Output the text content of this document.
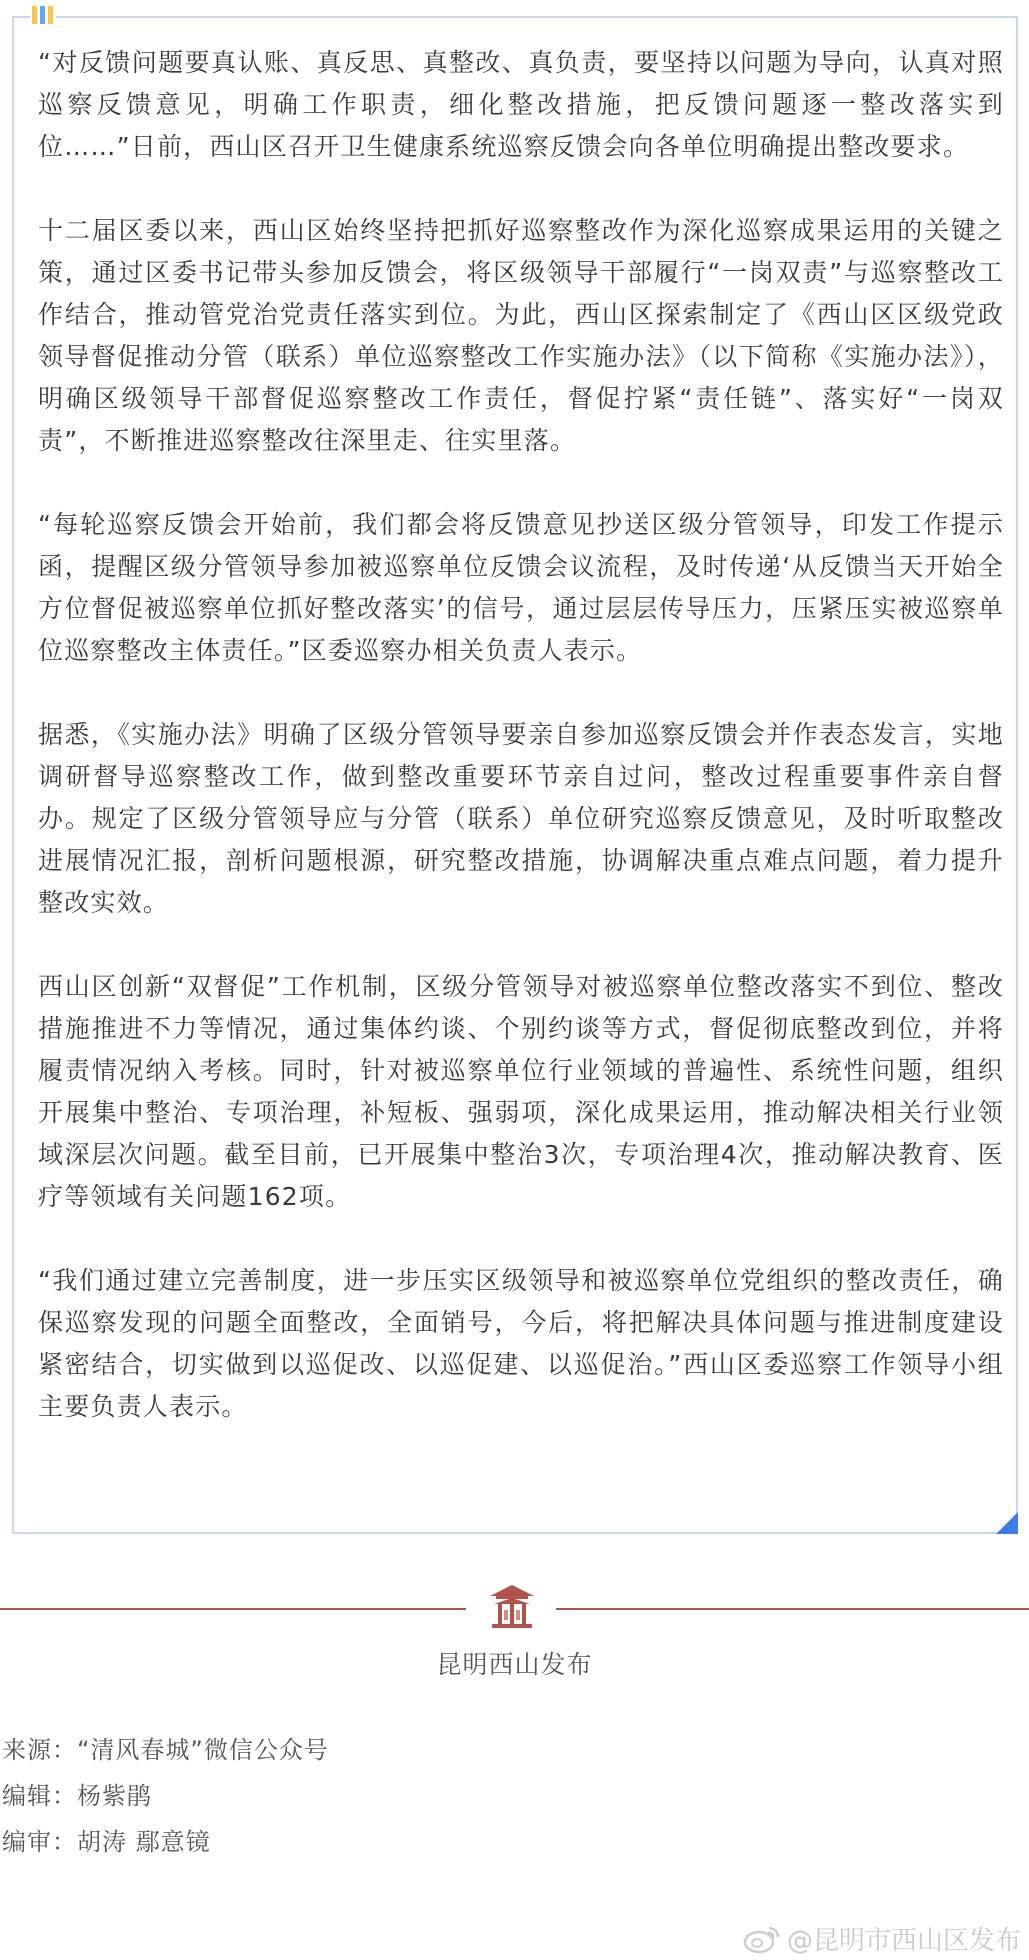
“对反馈问题要真认账、真反思、真整改、真负责，要坚持以问题为导向，认真对照巡察反馈意见，明确工作职责，细化整改措施，把反馈问题逐一整改落实到位……”日前，西山区召开卫生健康系统巡察反馈会向各单位明确提出整改要求。

十二届区委以来，西山区始终坚持把抓好巡察整改作为深化巡察成果运用的关键之策，通过区委书记带头参加反馈会，将区级领导干部履行“一岗双责”与巡察整改工作结合，推动管党治党责任落实到位。为此，西山区探索制定了《西山区区级党政领导督促推动分管（联系）单位巡察整改工作实施办法》（以下简称《实施办法》），明确区级领导干部督促巡察整改工作责任，督促拧紧“责任链”、落实好“一岗双责”，不断推进巡察整改往深里走、往实里落。

“每轮巡察反馈会开始前，我们都会将反馈意见抄送区级分管领导，印发工作提示函，提醒区级分管领导参加被巡察单位反馈会议流程，及时传递‘从反馈当天开始全方位督促被巡察单位抓好整改落实’的信号，通过层层传导压力，压紧压实被巡察单位巡察整改主体责任。”区委巡察办相关负责人表示。

据悉，《实施办法》明确了区级分管领导要亲自参加巡察反馈会并作表态发言，实地调研督导巡察整改工作，做到整改重要环节亲自过问，整改过程重要事件亲自督办。规定了区级分管领导应与分管（联系）单位研究巡察反馈意见，及时听取整改进展情况汇报，剖析问题根源，研究整改措施，协调解决重点难点问题，着力提升整改实效。

西山区创新“双督促”工作机制，区级分管领导对被巡察单位整改落实不到位、整改措施推进不力等情况，通过集体约谈、个别约谈等方式，督促彻底整改到位，并将履责情况纳入考核。同时，针对被巡察单位行业领域的普遍性、系统性问题，组织开展集中整治、专项治理，补短板、强弱项，深化成果运用，推动解决相关行业领域深层次问题。截至目前，已开展集中整治3次，专项治理4次，推动解决教育、医疗等领域有关问题162项。

“我们通过建立完善制度，进一步压实区级领导和被巡察单位党组织的整改责任，确保巡察发现的问题全面整改，全面销号，今后，将把解决具体问题与推进制度建设紧密结合，切实做到以巡促改、以巡促建、以巡促治。”西山区委巡察工作领导小组主要负责人表示。

昆明西山发布
来源：“清风春城”微信公众号
编辑：杨紫鹃
编审：胡涛 鄢意镜
@昆明市西山区发布
